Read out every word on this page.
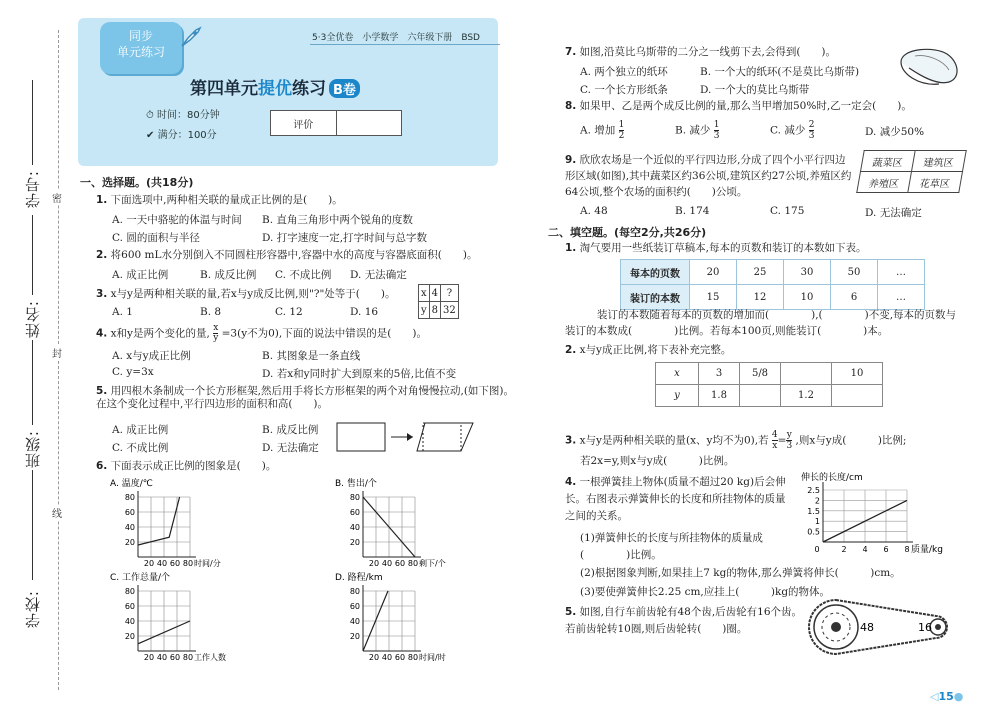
学校:
班级:
姓名:
学号: 密
封
线
同步
单元练习
5·3全优卷　小学数学　六年级下册　BSD
第四单元提优练习 B卷
⏱ 时间：80分钟
✔ 满分：100分
评价
一、选择题。(共18分)
1. 下面选项中,两种相关联的量成正比例的是(　　)。
A. 一天中骆驼的体温与时间 B. 直角三角形中两个锐角的度数
C. 圆的面积与半径	D. 打字速度一定,打字时间与总字数
2. 将600 mL水分别倒入不同圆柱形容器中,容器中水的高度与容器底面积(　　)。
A. 成正比例	B. 成反比例 C. 不成比例 D. 无法确定
3. x与y是两种相关联的量,若x与y成反比例,则"?"处等于(　　)。	x	4	?
y	8	32
A. 1	B. 8	C. 12	D. 16
4. x和y是两个变化的量, $\frac{x}{y} =3(y$不为0),下面的说法中错误的是(　　)。
A. x与y成正比例	B. 其图象是一条直线
C. y=3x	D. 若x和y同时扩大到原来的5倍,比值不变
5. 用四根木条制成一个长方形框架,然后用手将长方形框架的两个对角慢慢拉动,(如下图)。在这个变化过程中,平行四边形的面积和高(　　)。
A. 成正比例	B. 成反比例
C. 不成比例	D. 无法确定
6. 下面表示成正比例的图象是(　　)。
A. 温度/℃
80
60
40
20
20 40 60 80 时间/分
B. 售出/个
80
60
40
20
20 40 60 80 剩下/个
C. 工作总量/个
80
60
40
20
20 40 60 80 工作人数
D. 路程/km
80
60
40
20
20 40 60 80 时间/时
7. 如图,沿莫比乌斯带的二分之一线剪下去,会得到(　　)。
A. 两个独立的纸环	B. 一个大的纸环(不是莫比乌斯带)
C. 一个长方形纸条	D. 一个大的莫比乌斯带
8. 如果甲、乙是两个成反比例的量,那么当甲增加50%时,乙一定会(　　)。
A. 增加 $\frac{1}{2}$	B. 减少 $\frac{1}{3}$	C. 减少 $\frac{2}{3}$	D. 减少50%
9. 欣欣农场是一个近似的平行四边形,分成了四个小平行四边形区域(如图),其中蔬菜区约36公顷,建筑区约27公顷,养殖区约64公顷,整个农场的面积约(　　)公顷。
蔬菜区	建筑区
养殖区	花草区
A. 48	B. 174	C. 175	D. 无法确定
二、填空题。(每空2分,共26分)
1. 淘气要用一些纸装订草稿本,每本的页数和装订的本数如下表。
每本的页数	20	25	30	50	…
装订的本数	15	12	10	6	…
装订的本数随着每本的页数的增加而(　　　　),(　　　　)不变,每本的页数与装订的本数成(　　　　)比例。若每本100页,则能装订(　　　　)本。
2. x与y成正比例,将下表补充完整。
x	3	5/8		10
y	1.8		1.2	
3. x与y是两种相关联的量(x、y均不为0),若 $\frac{4}{x} = \frac{y}{3}$ ,则x与y成(　　　)比例;
若2x=y,则x与y成(　　　)比例。
4. 一根弹簧挂上物体(质量不超过20 kg)后会伸长。右图表示弹簧伸长的长度和所挂物体的质量之间的关系。
(1)弹簧伸长的长度与所挂物体的质量成(　　　　)比例。
(2)根据图象判断,如果挂上7 kg的物体,那么弹簧将伸长(　　　)cm。
(3)要使弹簧伸长2.25 cm,应挂上(　　　)kg的物体。
伸长的长度/cm
2.5
2
1.5
1
0.5
0	2 4 6 8 质量/kg
5. 如图,自行车前齿轮有48个齿,后齿轮有16个齿。若前齿轮转10圈,则后齿轮转(　　)圈。	48	16
◁15●
